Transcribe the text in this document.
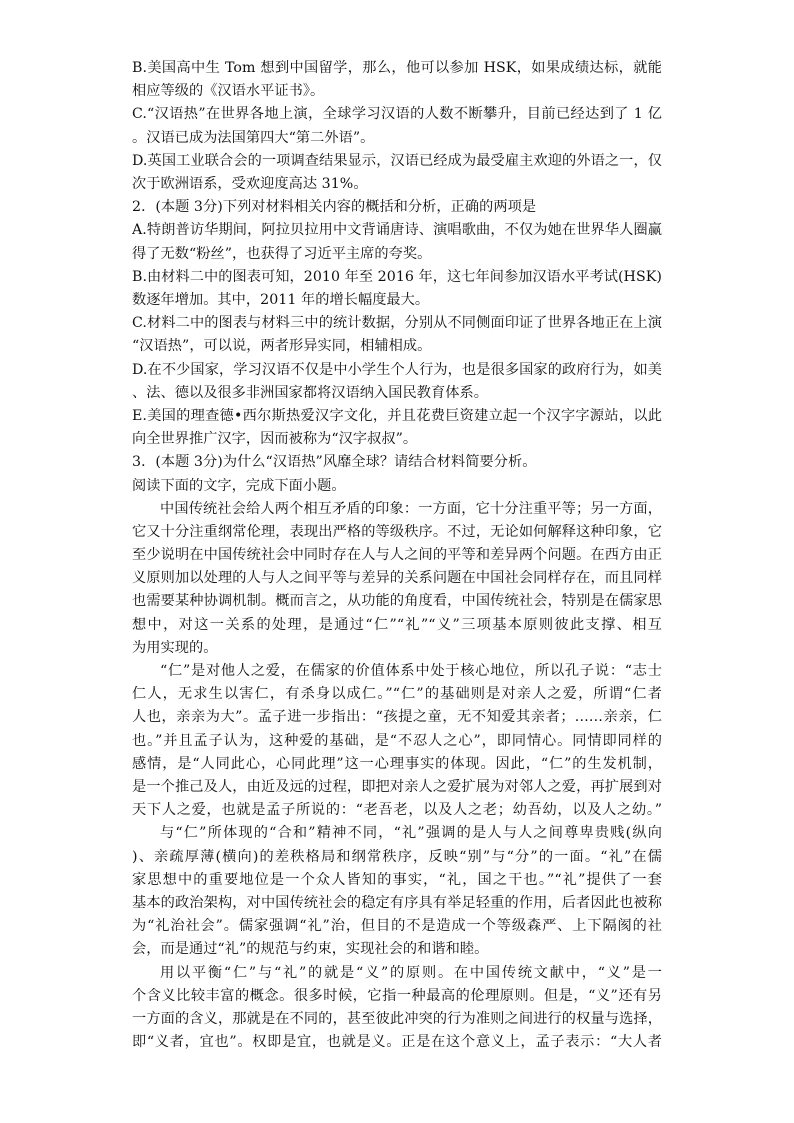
B.美国高中生 Tom 想到中国留学，那么，他可以参加 HSK，如果成绩达标，就能
相应等级的《汉语水平证书》。
C.“汉语热”在世界各地上演，全球学习汉语的人数不断攀升，目前已经达到了 1 亿
。汉语已成为法国第四大“第二外语”。
D.英国工业联合会的一项调查结果显示，汉语已经成为最受雇主欢迎的外语之一，仅
次于欧洲语系，受欢迎度高达 31%。
2．(本题 3分)下列对材料相关内容的概括和分析，正确的两项是
A.特朗普访华期间，阿拉贝拉用中文背诵唐诗、演唱歌曲，不仅为她在世界华人圈赢
得了无数“粉丝”，也获得了习近平主席的夸奖。
B.由材料二中的图表可知，2010 年至 2016 年，这七年间参加汉语水平考试(HSK)
数逐年增加。其中，2011 年的增长幅度最大。
C.材料二中的图表与材料三中的统计数据，分别从不同侧面印证了世界各地正在上演
“汉语热”，可以说，两者形异实同，相辅相成。
D.在不少国家，学习汉语不仅是中小学生个人行为，也是很多国家的政府行为，如美
、法、德以及很多非洲国家都将汉语纳入国民教育体系。
E.美国的理查德•西尔斯热爱汉字文化，并且花费巨资建立起一个汉字字源站，以此
向全世界推广汉字，因而被称为“汉字叔叔”。
3．(本题 3分)为什么“汉语热”风靡全球？请结合材料简要分析。
阅读下面的文字，完成下面小题。
中国传统社会给人两个相互矛盾的印象：一方面，它十分注重平等；另一方面，
它又十分注重纲常伦理，表现出严格的等级秩序。不过，无论如何解释这种印象，它
至少说明在中国传统社会中同时存在人与人之间的平等和差异两个问题。在西方由正
义原则加以处理的人与人之间平等与差异的关系问题在中国社会同样存在，而且同样
也需要某种协调机制。概而言之，从功能的角度看，中国传统社会，特别是在儒家思
想中，对这一关系的处理，是通过“仁”“礼”“义”三项基本原则彼此支撑、相互
为用实现的。
“仁”是对他人之爱，在儒家的价值体系中处于核心地位，所以孔子说：“志士
仁人，无求生以害仁，有杀身以成仁。”“仁”的基础则是对亲人之爱，所谓“仁者
人也，亲亲为大”。孟子进一步指出：“孩提之童，无不知爱其亲者；……亲亲，仁
也。”并且孟子认为，这种爱的基础，是“不忍人之心”，即同情心。同情即同样的
感情，是“人同此心，心同此理”这一心理事实的体现。因此，“仁”的生发机制，
是一个推己及人，由近及远的过程，即把对亲人之爱扩展为对邻人之爱，再扩展到对
天下人之爱，也就是孟子所说的：“老吾老，以及人之老；幼吾幼，以及人之幼。”
与“仁”所体现的“合和”精神不同，“礼”强调的是人与人之间尊卑贵贱(纵向
)、亲疏厚薄(横向)的差秩格局和纲常秩序，反映“别”与“分”的一面。“礼”在儒
家思想中的重要地位是一个众人皆知的事实，“礼，国之干也。”“礼”提供了一套
基本的政治架构，对中国传统社会的稳定有序具有举足轻重的作用，后者因此也被称
为“礼治社会”。儒家强调“礼”治，但目的不是造成一个等级森严、上下隔阂的社
会，而是通过“礼”的规范与约束，实现社会的和谐和睦。
用以平衡“仁”与“礼”的就是“义”的原则。在中国传统文献中，“义”是一
个含义比较丰富的概念。很多时候，它指一种最高的伦理原则。但是，“义”还有另
一方面的含义，那就是在不同的，甚至彼此冲突的行为准则之间进行的权量与选择，
即“义者，宜也”。权即是宜，也就是义。正是在这个意义上，孟子表示：“大人者
